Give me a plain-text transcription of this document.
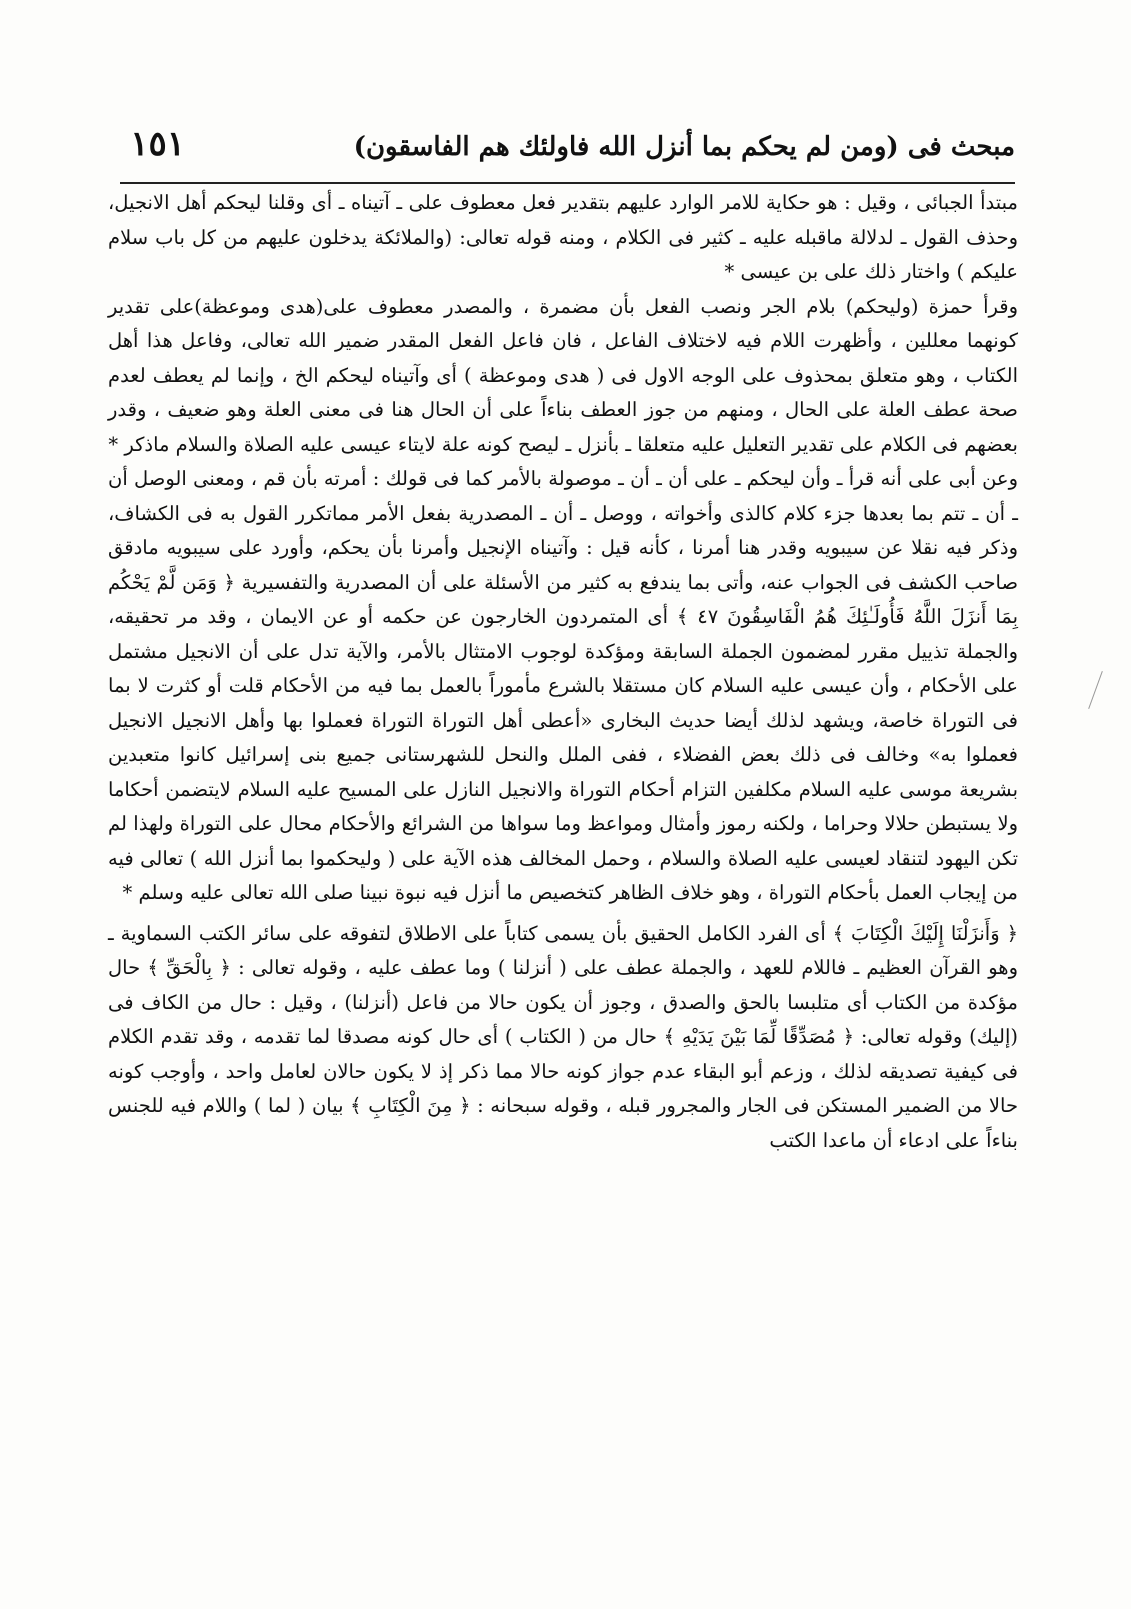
١٥١	مبحث فى (ومن لم يحكم بما أنزل الله فاولئك هم الفاسقون)

مبتدأ الجبائى ، وقيل : هو حكاية للامر الوارد عليهم بتقدير فعل معطوف على ـ آتيناه ـ أى وقلنا ليحكم أهل الانجيل، وحذف القول ـ لدلالة ماقبله عليه ـ كثير فى الكلام ، ومنه قوله تعالى: (والملائكة يدخلون عليهم من كل باب سلام عليكم ) واختار ذلك على بن عيسى *

وقرأ حمزة (وليحكم) بلام الجر ونصب الفعل بأن مضمرة ، والمصدر معطوف على(هدى وموعظة)على تقدير كونهما معللين ، وأظهرت اللام فيه لاختلاف الفاعل ، فان فاعل الفعل المقدر ضمير الله تعالى، وفاعل هذا أهل الكتاب ، وهو متعلق بمحذوف على الوجه الاول فى ( هدى وموعظة ) أى وآتيناه ليحكم الخ ، وإنما لم يعطف لعدم صحة عطف العلة على الحال ، ومنهم من جوز العطف بناءاً على أن الحال هنا فى معنى العلة وهو ضعيف ، وقدر بعضهم فى الكلام على تقدير التعليل عليه متعلقا ـ بأنزل ـ ليصح كونه علة لايتاء عيسى عليه الصلاة والسلام ماذكر *

وعن أبى على أنه قرأ ـ وأن ليحكم ـ على أن ـ أن ـ موصولة بالأمر كما فى قولك : أمرته بأن قم ، ومعنى الوصل أن ـ أن ـ تتم بما بعدها جزء كلام كالذى وأخواته ، ووصل ـ أن ـ المصدرية بفعل الأمر مماتكرر القول به فى الكشاف، وذكر فيه نقلا عن سيبويه وقدر هنا أمرنا ، كأنه قيل : وآتيناه الإنجيل وأمرنا بأن يحكم، وأورد على سيبويه مادقق صاحب الكشف فى الجواب عنه، وأتى بما يندفع به كثير من الأسئلة على أن المصدرية والتفسيرية ﴿ وَمَن لَّمْ يَحْكُم بِمَا أَنزَلَ اللَّهُ فَأُولَـٰئِكَ هُمُ الْفَاسِقُونَ ٤٧ ﴾ أى المتمردون الخارجون عن حكمه أو عن الايمان ، وقد مر تحقيقه، والجملة تذييل مقرر لمضمون الجملة السابقة ومؤكدة لوجوب الامتثال بالأمر، والآية تدل على أن الانجيل مشتمل على الأحكام ، وأن عيسى عليه السلام كان مستقلا بالشرع مأموراً بالعمل بما فيه من الأحكام قلت أو كثرت لا بما فى التوراة خاصة، ويشهد لذلك أيضا حديث البخارى «أعطى أهل التوراة التوراة فعملوا بها وأهل الانجيل الانجيل فعملوا به» وخالف فى ذلك بعض الفضلاء ، ففى الملل والنحل للشهرستانى جميع بنى إسرائيل كانوا متعبدين بشريعة موسى عليه السلام مكلفين التزام أحكام التوراة والانجيل النازل على المسيح عليه السلام لايتضمن أحكاما ولا يستبطن حلالا وحراما ، ولكنه رموز وأمثال ومواعظ وما سواها من الشرائع والأحكام محال على التوراة ولهذا لم تكن اليهود لتنقاد لعيسى عليه الصلاة والسلام ، وحمل المخالف هذه الآية على ( وليحكموا بما أنزل الله ) تعالى فيه من إيجاب العمل بأحكام التوراة ، وهو خلاف الظاهر كتخصيص ما أنزل فيه نبوة نبينا صلى الله تعالى عليه وسلم *

﴿ وَأَنزَلْنَا إِلَيْكَ الْكِتَابَ ﴾ أى الفرد الكامل الحقيق بأن يسمى كتاباً على الاطلاق لتفوقه على سائر الكتب السماوية ـ وهو القرآن العظيم ـ فاللام للعهد ، والجملة عطف على ( أنزلنا ) وما عطف عليه ، وقوله تعالى : ﴿ بِالْحَقِّ ﴾ حال مؤكدة من الكتاب أى متلبسا بالحق والصدق ، وجوز أن يكون حالا من فاعل (أنزلنا) ، وقيل : حال من الكاف فى (إليك) وقوله تعالى: ﴿ مُصَدِّقًا لِّمَا بَيْنَ يَدَيْهِ ﴾ حال من ( الكتاب ) أى حال كونه مصدقا لما تقدمه ، وقد تقدم الكلام فى كيفية تصديقه لذلك ، وزعم أبو البقاء عدم جواز كونه حالا مما ذكر إذ لا يكون حالان لعامل واحد ، وأوجب كونه حالا من الضمير المستكن فى الجار والمجرور قبله ، وقوله سبحانه : ﴿ مِنَ الْكِتَابِ ﴾ بيان ( لما ) واللام فيه للجنس بناءاً على ادعاء أن ماعدا الكتب
